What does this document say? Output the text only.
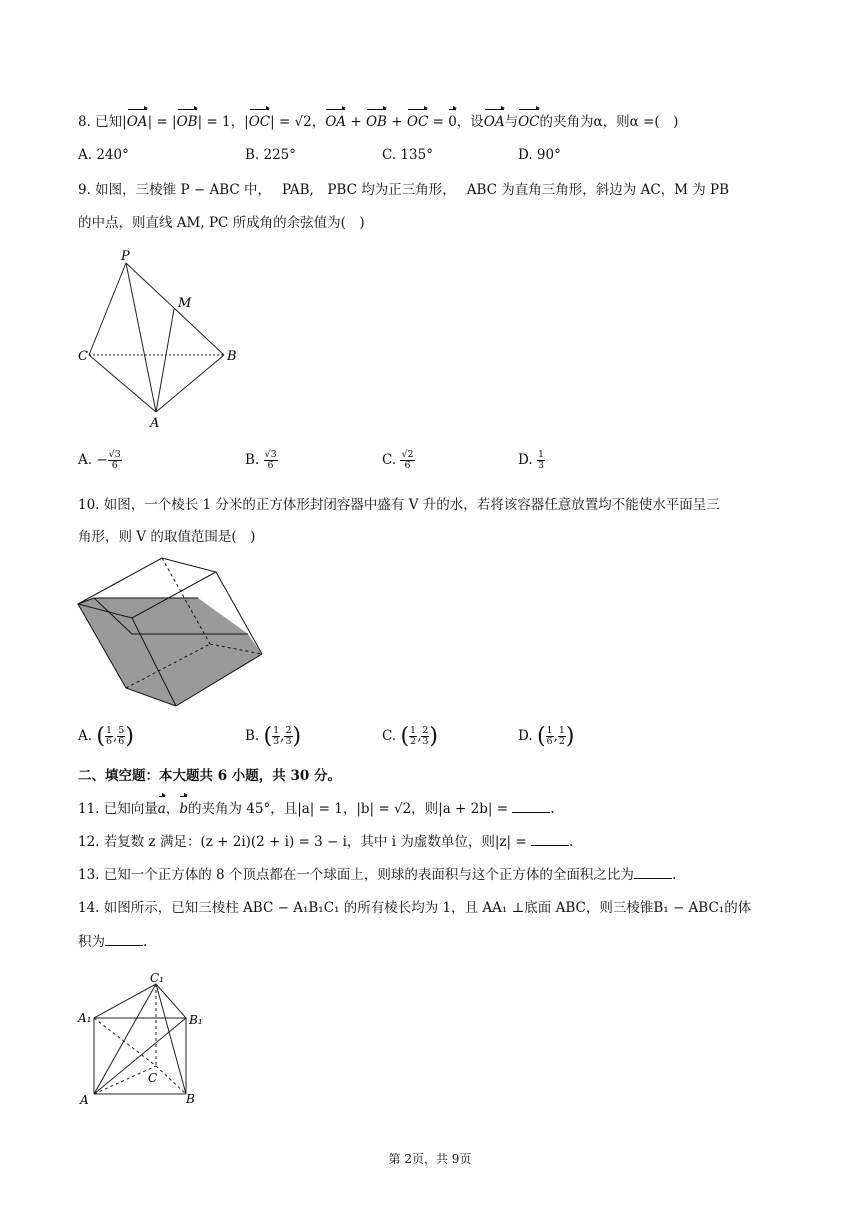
8. 已知|OA| = |OB| = 1，|OC| = √2，OA + OB + OC = 0，设OA与OC的夹角为α，则α =(　)
A. 240°	B. 225°	C. 135°	D. 90°
9. 如图，三棱锥 P − ABC 中，　 PAB,　PBC 均为正三角形，　 ABC 为直角三角形，斜边为 AC，M 为 PB
的中点，则直线 AM, PC 所成角的余弦值为(　)
P
M
C	B
A
A. − $\frac{√3}{6}$	B. $\frac{√3}{6}$	C. $\frac{√2}{6}$	D. $\frac{1}{3}$
10. 如图，一个棱长 1 分米的正方体形封闭容器中盛有 V 升的水，若将该容器任意放置均不能使水平面呈三
角形，则 V 的取值范围是(　)
A. ( $\frac{1}{6}$ , $\frac{5}{6}$ )	B. ( $\frac{1}{3}$ , $\frac{2}{3}$ )	C. ( $\frac{1}{2}$ , $\frac{2}{3}$ )	D. ( $\frac{1}{6}$ , $\frac{1}{2}$ )
二、填空题：本大题共 6 小题，共 30 分。
11. 已知向量a，b的夹角为 45°，且|a| = 1，|b| = √2，则|a + 2b| =	.
12. 若复数 z 满足：(z + 2i)(2 + i) = 3 − i，其中 i 为虚数单位，则|z| =	.
13. 已知一个正方体的 8 个顶点都在一个球面上，则球的表面积与这个正方体的全面积之比为	.
14. 如图所示，已知三棱柱 ABC − A₁B₁C₁ 的所有棱长均为 1，且 AA₁ ⊥底面 ABC，则三棱锥B₁ − ABC₁的体
积为	.
C₁
A₁	B₁
C
A	B
第 2页，共 9页
